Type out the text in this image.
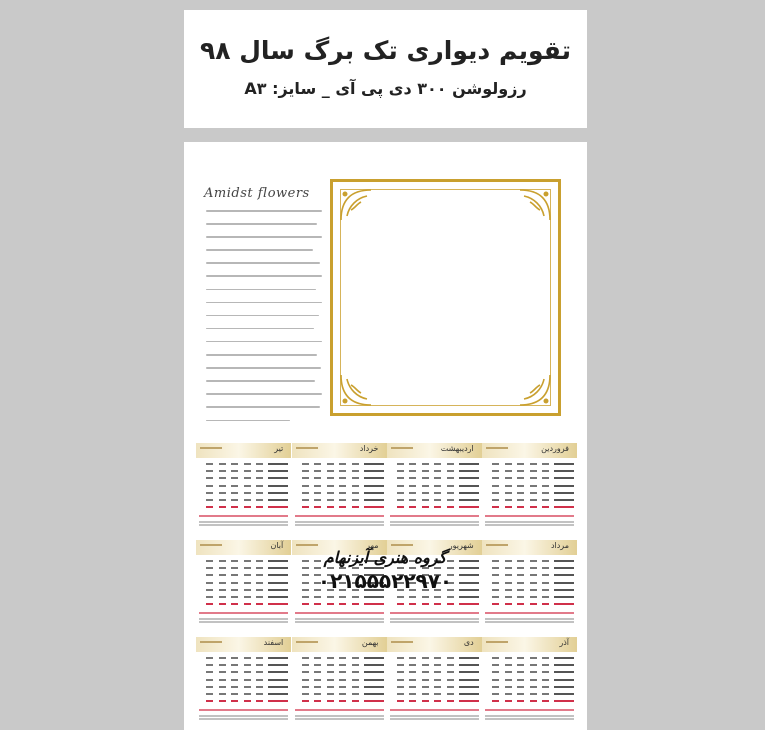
تقویم دیواری تک برگ سال ۹۸
رزولوشن ۳۰۰ دی پی آی _ سایز: A۳
Amidst flowers
فروردین
اردیبهشت
خرداد
تیر
مرداد
شهریور
مهر
آبان
آذر
دی
بهمن
اسفند
گروه هنری آیزنهام
۰۲۱۵۵۵۲۲۹۷۰
